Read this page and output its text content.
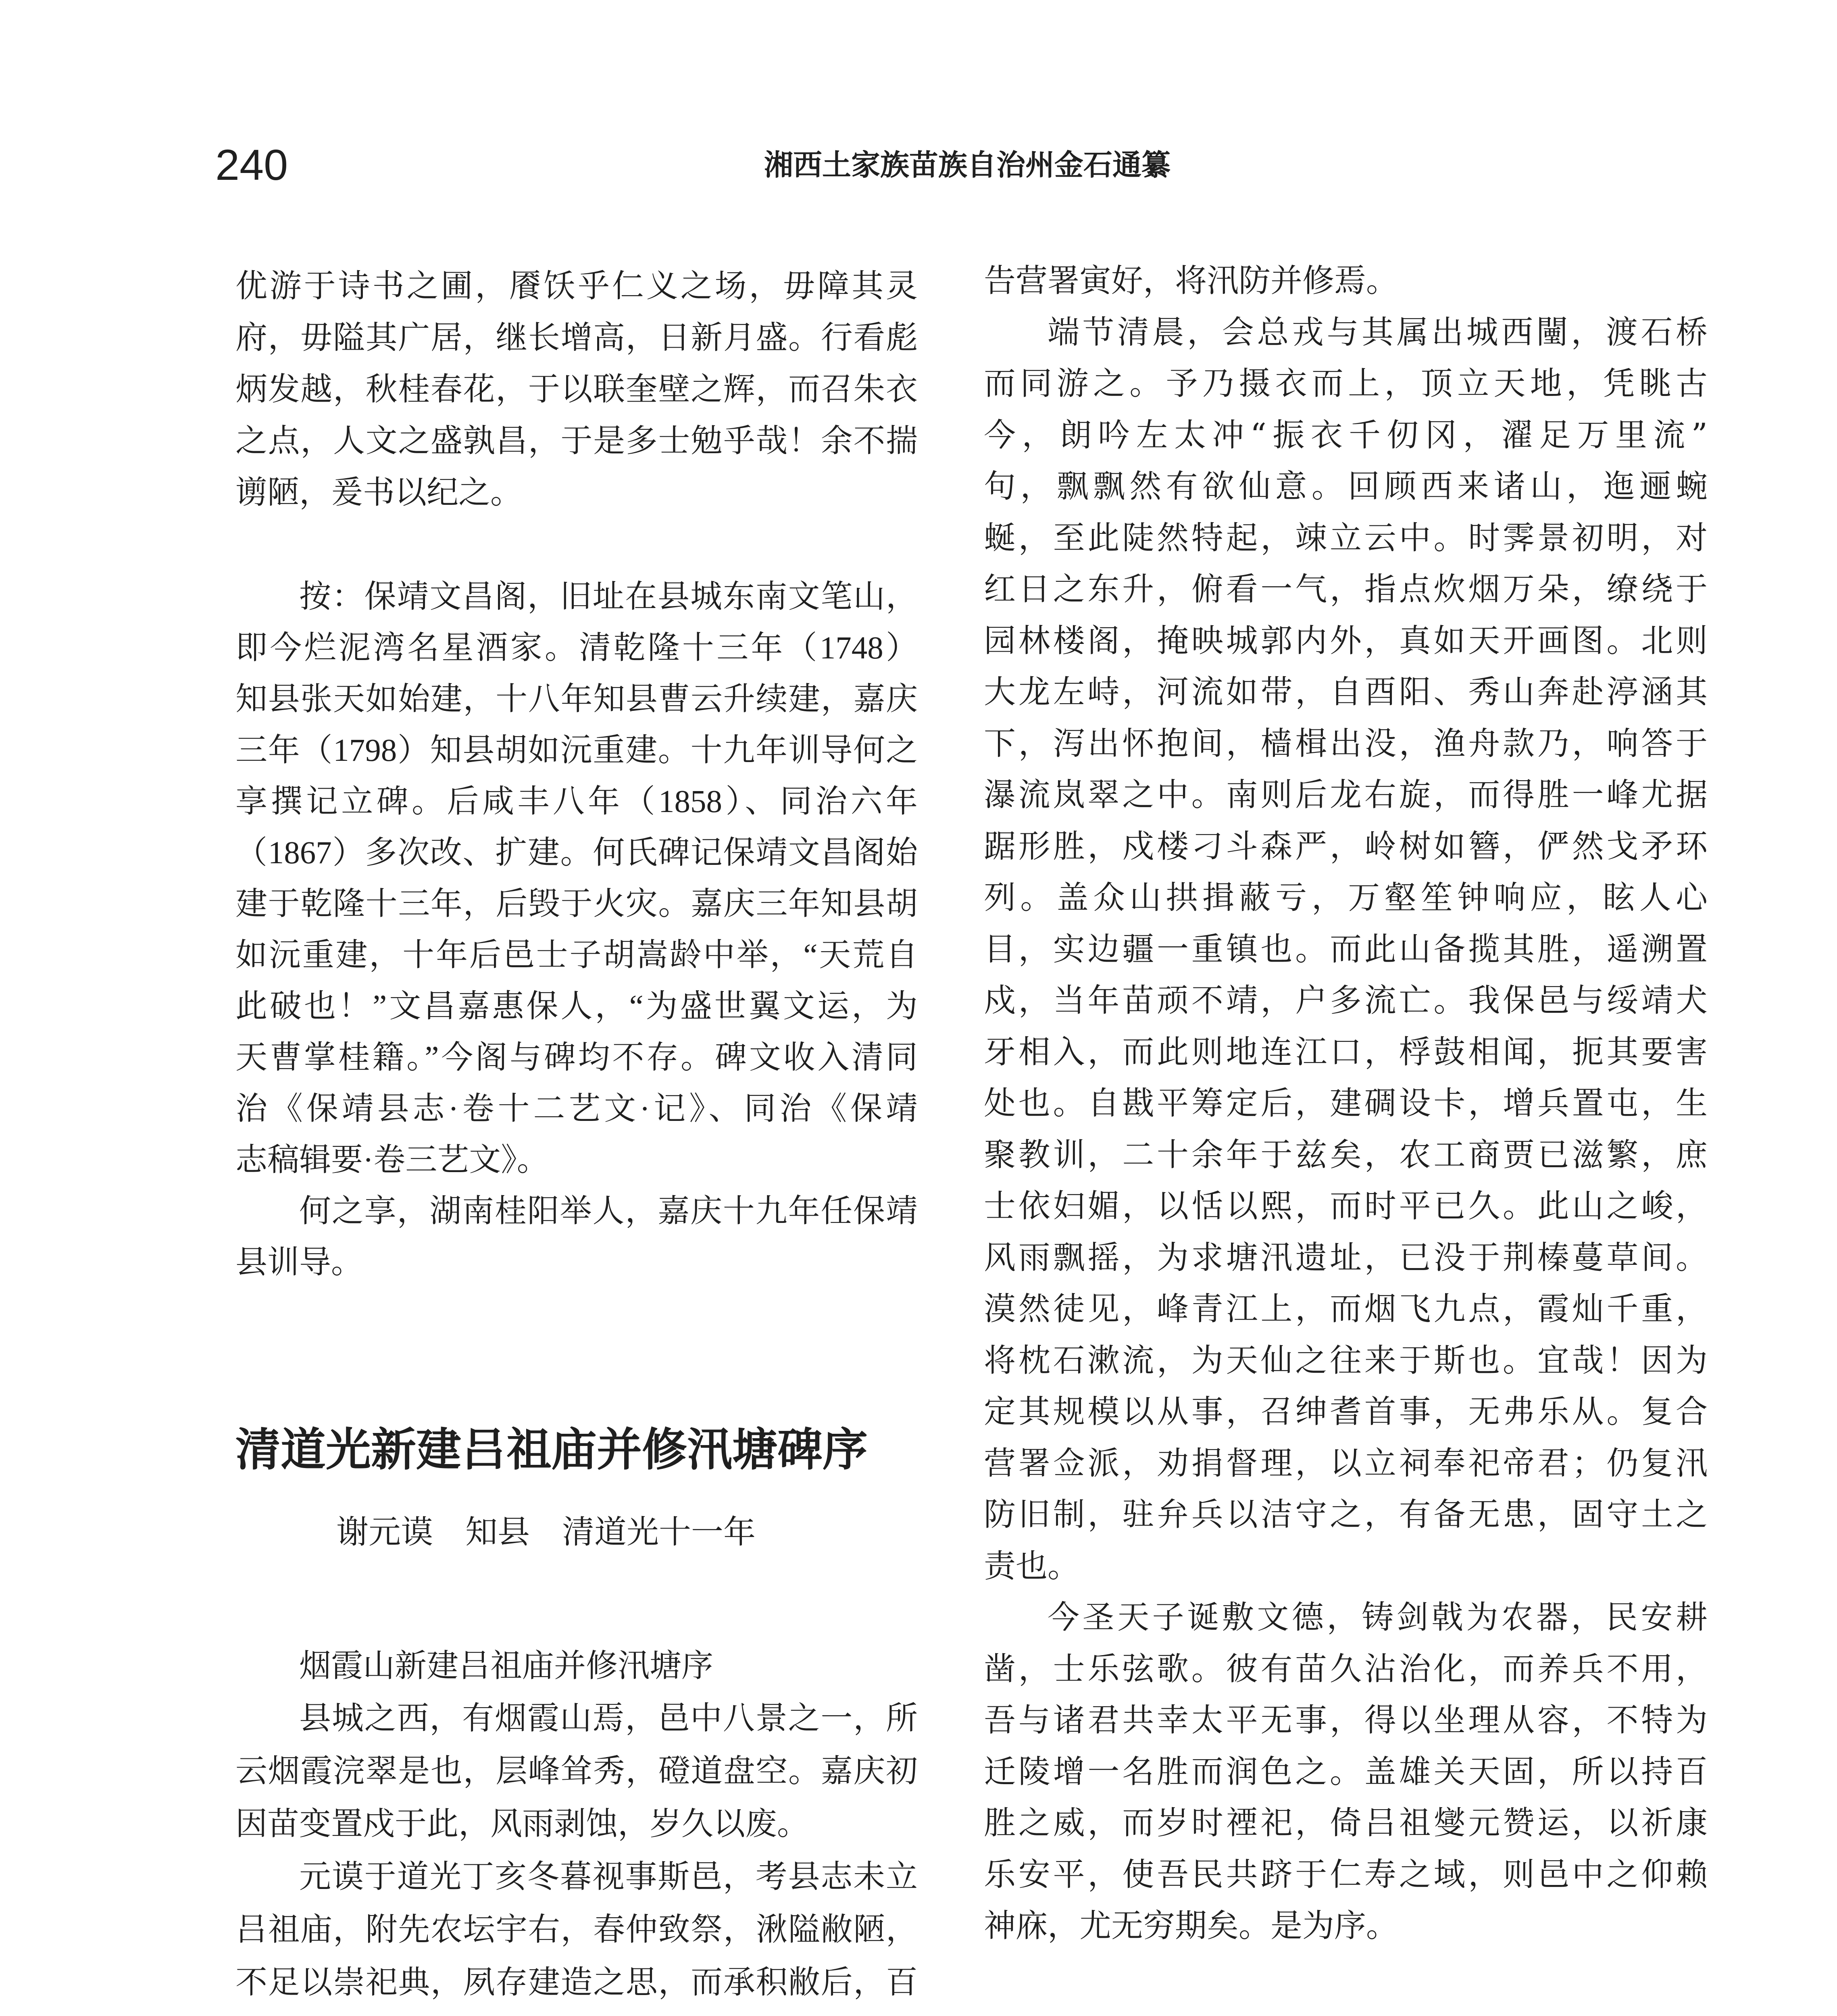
240	湘西土家族苗族自治州金石通纂
优游于诗书之圃，餍饫乎仁义之场，毋障其灵
府，毋隘其广居，继长增高，日新月盛。行看彪
炳发越，秋桂春花，于以联奎壁之辉，而召朱衣
之点，人文之盛孰昌，于是多士勉乎哉！余不揣
谫陋，爰书以纪之。
按：保靖文昌阁，旧址在县城东南文笔山，
即今烂泥湾名星酒家。清乾隆十三年（1748）
知县张天如始建，十八年知县曹云升续建，嘉庆
三年（1798）知县胡如沅重建。十九年训导何之
享撰记立碑。后咸丰八年（1858）、同治六年
（1867）多次改、扩建。何氏碑记保靖文昌阁始
建于乾隆十三年，后毁于火灾。嘉庆三年知县胡
如沅重建，十年后邑士子胡嵩龄中举，“天荒自
此破也！”文昌嘉惠保人，“为盛世翼文运，为
天曹掌桂籍。”今阁与碑均不存。碑文收入清同
治《保靖县志·卷十二艺文·记》、同治《保靖
志稿辑要·卷三艺文》。
何之享，湖南桂阳举人，嘉庆十九年任保靖
县训导。
清道光新建吕祖庙并修汛塘碑序
谢元谟 知县 清道光十一年
烟霞山新建吕祖庙并修汛塘序
县城之西，有烟霞山焉，邑中八景之一，所
云烟霞浣翠是也，层峰耸秀，磴道盘空。嘉庆初
因苗变置戍于此，风雨剥蚀，岁久以废。
元谟于道光丁亥冬暮视事斯邑，考县志未立
吕祖庙，附先农坛宇右，春仲致祭，湫隘敝陋，
不足以崇祀典，夙存建造之思，而承积敝后，百
告营署寅好，将汛防并修焉。
端节清晨，会总戎与其属出城西闉，渡石桥
而同游之。予乃摄衣而上，顶立天地，凭眺古
今，朗吟左太冲“振衣千仞冈，濯足万里流”
句，飘飘然有欲仙意。回顾西来诸山，迤逦蜿
蜒，至此陡然特起，竦立云中。时霁景初明，对
红日之东升，俯看一气，指点炊烟万朵，缭绕于
园林楼阁，掩映城郭内外，真如天开画图。北则
大龙左峙，河流如带，自酉阳、秀山奔赴渟涵其
下，泻出怀抱间，樯楫出没，渔舟款乃，响答于
瀑流岚翠之中。南则后龙右旋，而得胜一峰尤据
踞形胜，戍楼刁斗森严，岭树如簪，俨然戈矛环
列。盖众山拱揖蔽亏，万壑笙钟响应，眩人心
目，实边疆一重镇也。而此山备揽其胜，遥溯置
戍，当年苗顽不靖，户多流亡。我保邑与绥靖犬
牙相入，而此则地连江口，桴鼓相闻，扼其要害
处也。自戡平筹定后，建碉设卡，增兵置屯，生
聚教训，二十余年于兹矣，农工商贾已滋繁，庶
士依妇媚，以恬以熙，而时平已久。此山之峻，
风雨飘摇，为求塘汛遗址，已没于荆榛蔓草间。
漠然徒见，峰青江上，而烟飞九点，霞灿千重，
将枕石漱流，为天仙之往来于斯也。宜哉！因为
定其规模以从事，召绅耆首事，无弗乐从。复合
营署佥派，劝捐督理，以立祠奉祀帝君；仍复汛
防旧制，驻弁兵以洁守之，有备无患，固守土之
责也。
今圣天子诞敷文德，铸剑戟为农器，民安耕
凿，士乐弦歌。彼有苗久沾治化，而养兵不用，
吾与诸君共幸太平无事，得以坐理从容，不特为
迁陵增一名胜而润色之。盖雄关天固，所以持百
胜之威，而岁时禋祀，倚吕祖燮元赞运，以祈康
乐安平，使吾民共跻于仁寿之域，则邑中之仰赖
神庥，尤无穷期矣。是为序。
